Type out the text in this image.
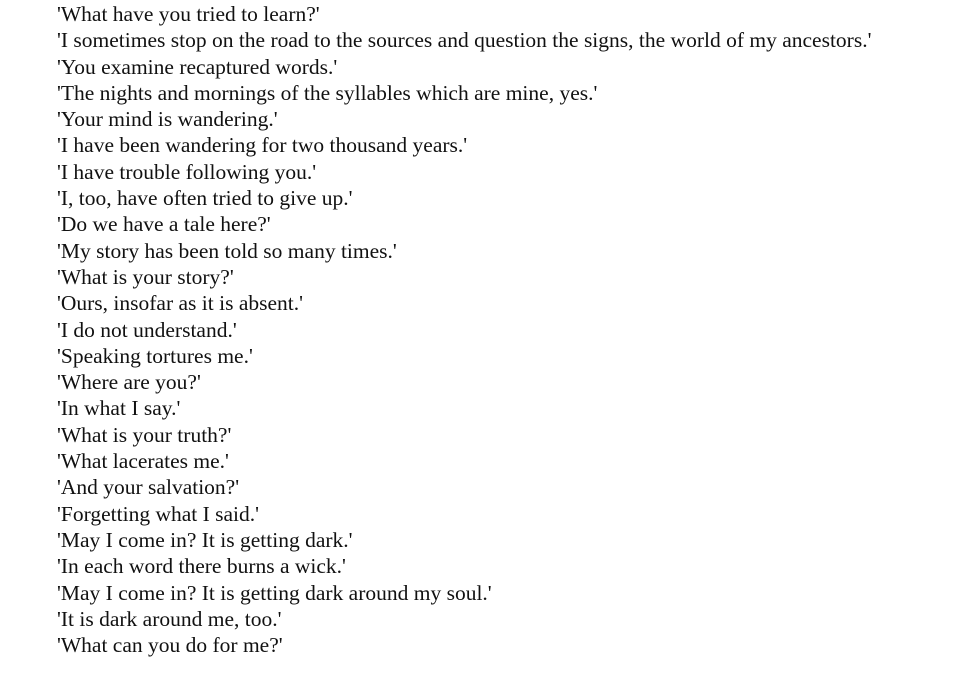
'What have you tried to learn?'
'I sometimes stop on the road to the sources and question the signs, the world of my ancestors.'
'You examine recaptured words.'
'The nights and mornings of the syllables which are mine, yes.'
'Your mind is wandering.'
'I have been wandering for two thousand years.'
'I have trouble following you.'
'I, too, have often tried to give up.'
'Do we have a tale here?'
'My story has been told so many times.'
'What is your story?'
'Ours, insofar as it is absent.'
'I do not understand.'
'Speaking tortures me.'
'Where are you?'
'In what I say.'
'What is your truth?'
'What lacerates me.'
'And your salvation?'
'Forgetting what I said.'
'May I come in? It is getting dark.'
'In each word there burns a wick.'
'May I come in? It is getting dark around my soul.'
'It is dark around me, too.'
'What can you do for me?'
